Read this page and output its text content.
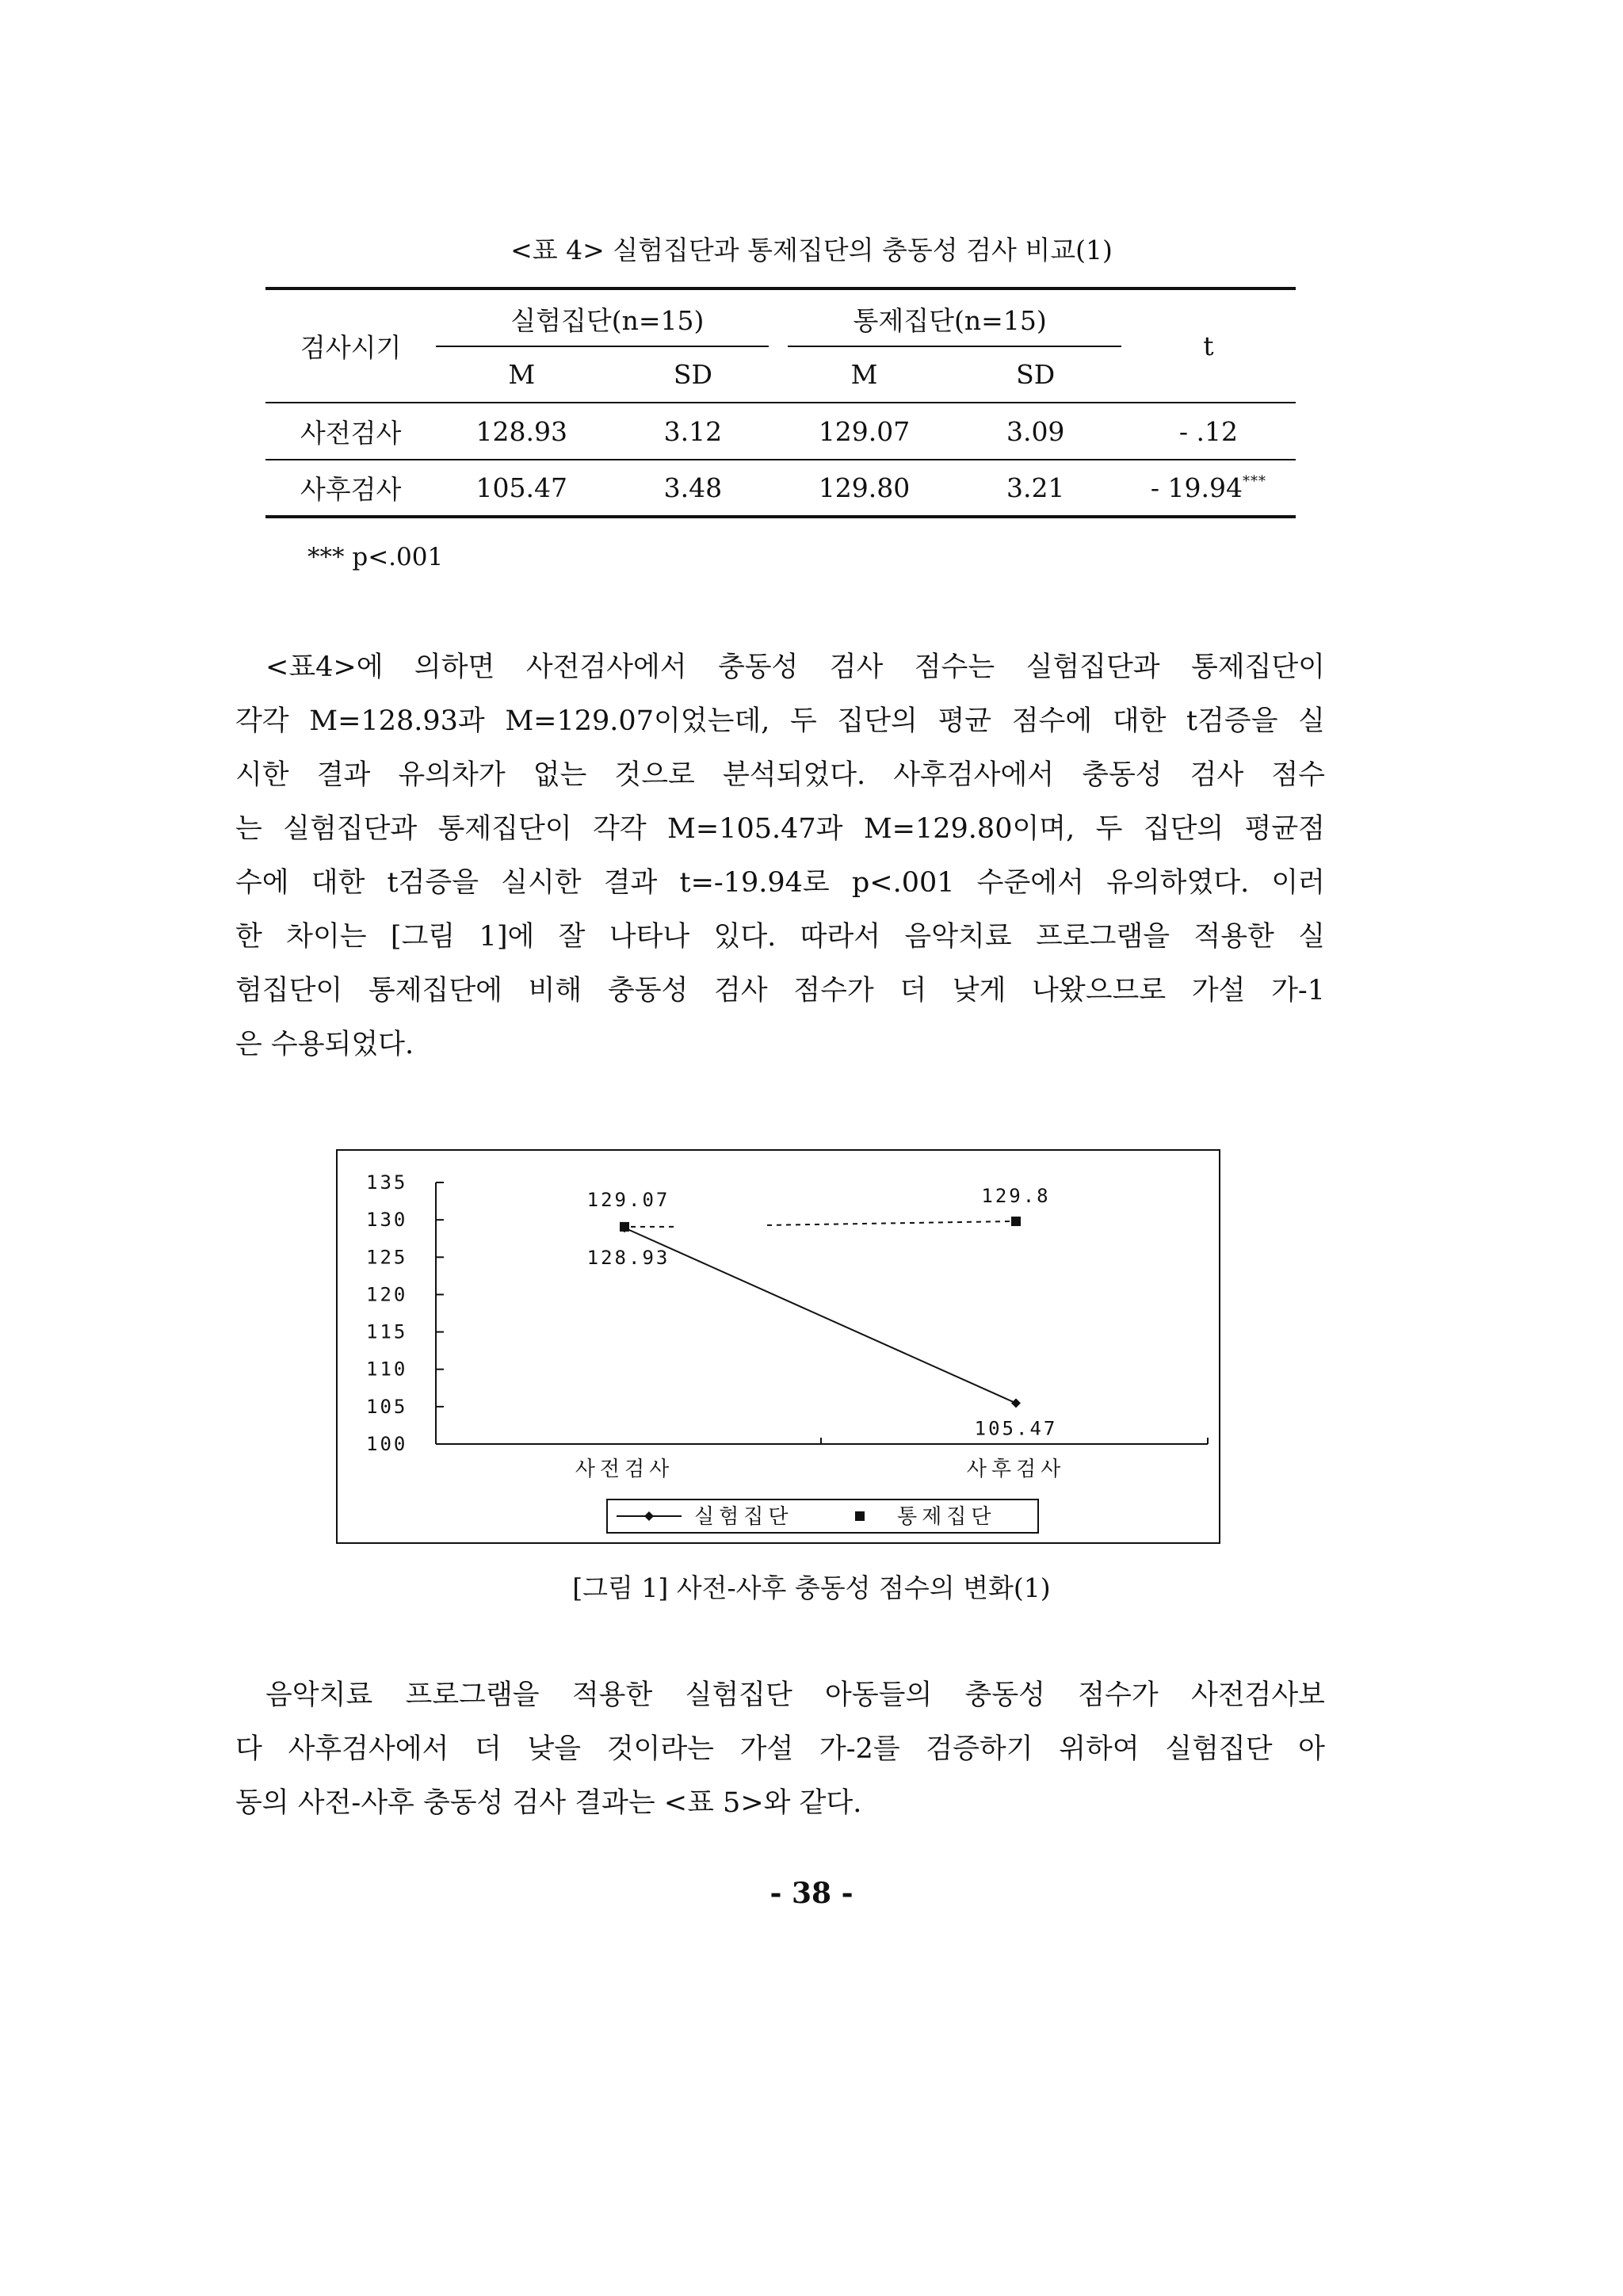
<표 4> 실험집단과 통제집단의 충동성 검사 비교(1)
검사시기	실험집단(n=15)		통제집단(n=15)		t
	M	SD	M	SD	
사전검사	128.93	3.12	129.07	3.09	- .12
사후검사	105.47	3.48	129.80	3.21	- 19.94***
*** p<.001
<표4>에 의하면 사전검사에서 충동성 검사 점수는 실험집단과 통제집단이
각각 M=128.93과 M=129.07이었는데, 두 집단의 평균 점수에 대한 t검증을 실
시한 결과 유의차가 없는 것으로 분석되었다. 사후검사에서 충동성 검사 점수
는 실험집단과 통제집단이 각각 M=105.47과 M=129.80이며, 두 집단의 평균점
수에 대한 t검증을 실시한 결과 t=-19.94로 p<.001 수준에서 유의하였다. 이러
한 차이는 [그림 1]에 잘 나타나 있다. 따라서 음악치료 프로그램을 적용한 실
험집단이 통제집단에 비해 충동성 검사 점수가 더 낮게 나왔으므로 가설 가-1
은 수용되었다.
135
130
125
120
115
110
105
100
사전검사	사후검사
129.07
128.93
129.8
105.47
실험집단	통제집단
[그림 1] 사전-사후 충동성 점수의 변화(1)
음악치료 프로그램을 적용한 실험집단 아동들의 충동성 점수가 사전검사보
다 사후검사에서 더 낮을 것이라는 가설 가-2를 검증하기 위하여 실험집단 아
동의 사전-사후 충동성 검사 결과는 <표 5>와 같다.
- 38 -
